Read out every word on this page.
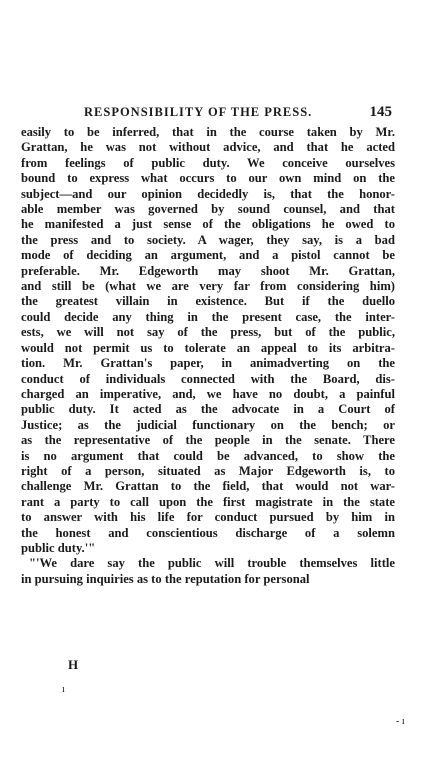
RESPONSIBILITY OF THE PRESS.	145
easily to be inferred, that in the course taken by Mr.
Grattan, he was not without advice, and that he acted
from feelings of public duty. We conceive ourselves
bound to express what occurs to our own mind on the
subject—and our opinion decidedly is, that the honor-
able member was governed by sound counsel, and that
he manifested a just sense of the obligations he owed to
the press and to society. A wager, they say, is a bad
mode of deciding an argument, and a pistol cannot be
preferable. Mr. Edgeworth may shoot Mr. Grattan,
and still be (what we are very far from considering him)
the greatest villain in existence. But if the duello
could decide any thing in the present case, the inter-
ests, we will not say of the press, but of the public,
would not permit us to tolerate an appeal to its arbitra-
tion. Mr. Grattan's paper, in animadverting on the
conduct of individuals connected with the Board, dis-
charged an imperative, and, we have no doubt, a painful
public duty. It acted as the advocate in a Court of
Justice; as the judicial functionary on the bench; or
as the representative of the people in the senate. There
is no argument that could be advanced, to show the
right of a person, situated as Major Edgeworth is, to
challenge Mr. Grattan to the field, that would not war-
rant a party to call upon the first magistrate in the state
to answer with his life for conduct pursued by him in
the honest and conscientious discharge of a solemn
public duty.'"
"'We dare say the public will trouble themselves little
in pursuing inquiries as to the reputation for personal
H
ı
- ı
